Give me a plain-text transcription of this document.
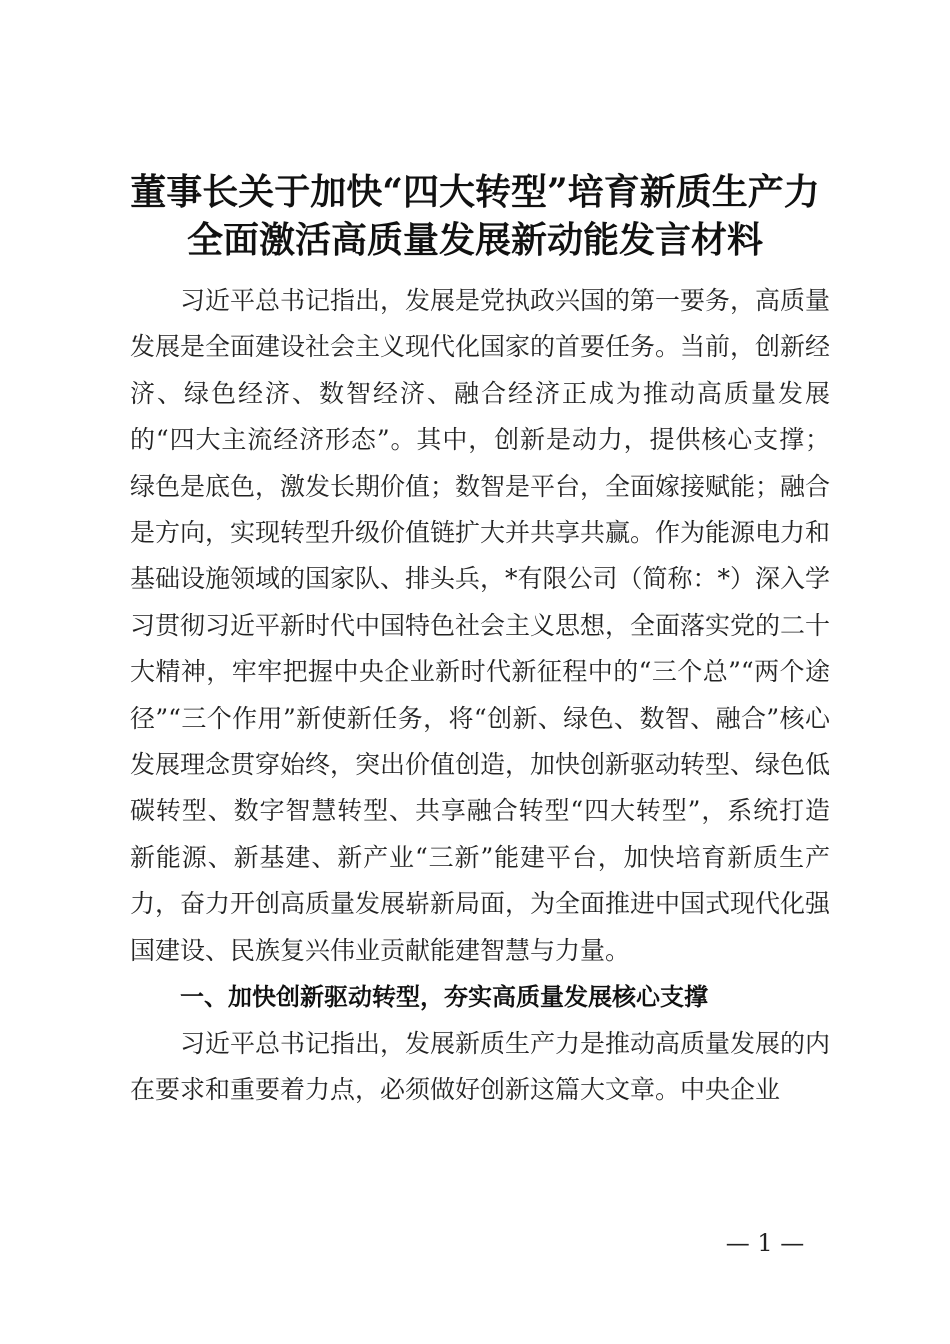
董事长关于加快“四大转型”培育新质生产力
全面激活高质量发展新动能发言材料

习近平总书记指出，发展是党执政兴国的第一要务，高质量发展是全面建设社会主义现代化国家的首要任务。当前，创新经济、绿色经济、数智经济、融合经济正成为推动高质量发展的“四大主流经济形态”。其中，创新是动力，提供核心支撑；绿色是底色，激发长期价值；数智是平台，全面嫁接赋能；融合是方向，实现转型升级价值链扩大并共享共赢。作为能源电力和基础设施领域的国家队、排头兵，*有限公司（简称：*）深入学习贯彻习近平新时代中国特色社会主义思想，全面落实党的二十大精神，牢牢把握中央企业新时代新征程中的“三个总”“两个途径”“三个作用”新使新任务，将“创新、绿色、数智、融合”核心发展理念贯穿始终，突出价值创造，加快创新驱动转型、绿色低碳转型、数字智慧转型、共享融合转型“四大转型”，系统打造新能源、新基建、新产业“三新”能建平台，加快培育新质生产力，奋力开创高质量发展崭新局面，为全面推进中国式现代化强国建设、民族复兴伟业贡献能建智慧与力量。

一、加快创新驱动转型，夯实高质量发展核心支撑

习近平总书记指出，发展新质生产力是推动高质量发展的内在要求和重要着力点，必须做好创新这篇大文章。中央企业

— 1 —
